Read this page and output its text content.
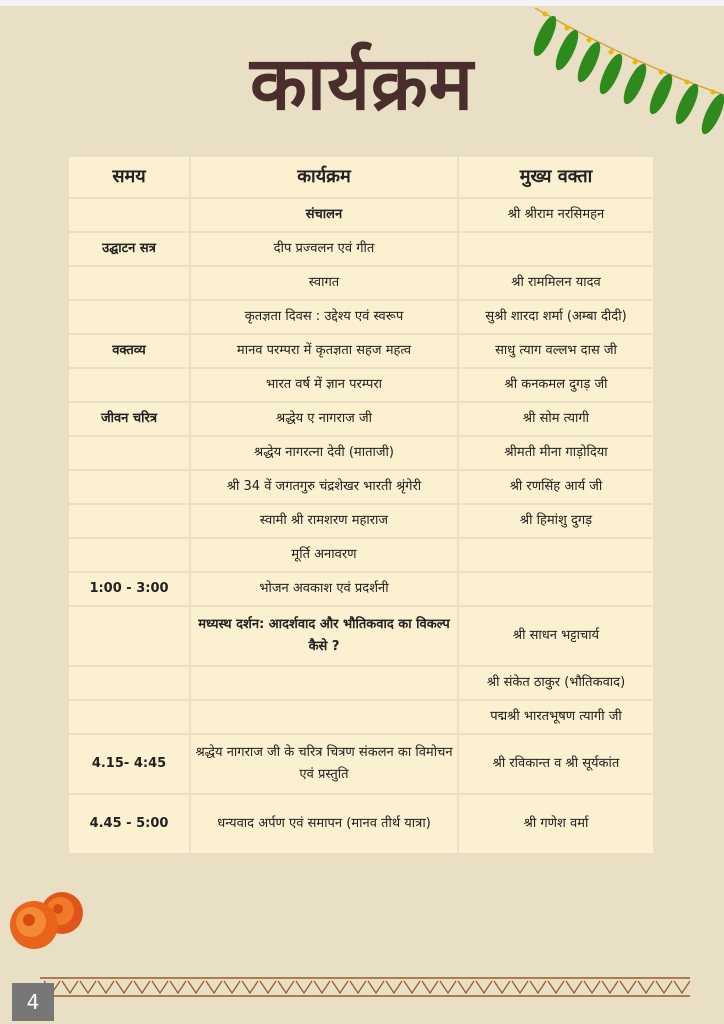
कार्यक्रम
समय	कार्यक्रम	मुख्य वक्ता
	संचालन	श्री श्रीराम नरसिमहन
उद्घाटन सत्र	दीप प्रज्वलन एवं गीत	
	स्वागत	श्री राममिलन यादव
	कृतज्ञता दिवस : उद्देश्य एवं स्वरूप	सुश्री शारदा शर्मा (अम्बा दीदी)
वक्तव्य	मानव परम्परा में कृतज्ञता सहज महत्व	साधु त्याग वल्लभ दास जी
	भारत वर्ष में ज्ञान परम्परा	श्री कनकमल दुगड़ जी
जीवन चरित्र	श्रद्धेय ए नागराज जी	श्री सोम त्यागी
	श्रद्धेय नागरत्ना देवी (माताजी)	श्रीमती मीना गाड़ोदिया
	श्री 34 वें जगतगुरु चंद्रशेखर भारती श्रृंगेरी	श्री रणसिंह आर्य जी
	स्वामी श्री रामशरण महाराज	श्री हिमांशु दुगड़
	मूर्ति अनावरण	
1:00 - 3:00	भोजन अवकाश एवं प्रदर्शनी	
	मध्यस्थ दर्शन: आदर्शवाद और भौतिकवाद का विकल्प कैसे ?	श्री साधन भट्टाचार्य
		श्री संकेत ठाकुर (भौतिकवाद)
		पद्मश्री भारतभूषण त्यागी जी
4.15- 4:45	श्रद्धेय नागराज जी के चरित्र चित्रण संकलन का विमोचन एवं प्रस्तुति	श्री रविकान्त व श्री सूर्यकांत
4.45 - 5:00	धन्यवाद अर्पण एवं समापन (मानव तीर्थ यात्रा)	श्री गणेश वर्मा
4
